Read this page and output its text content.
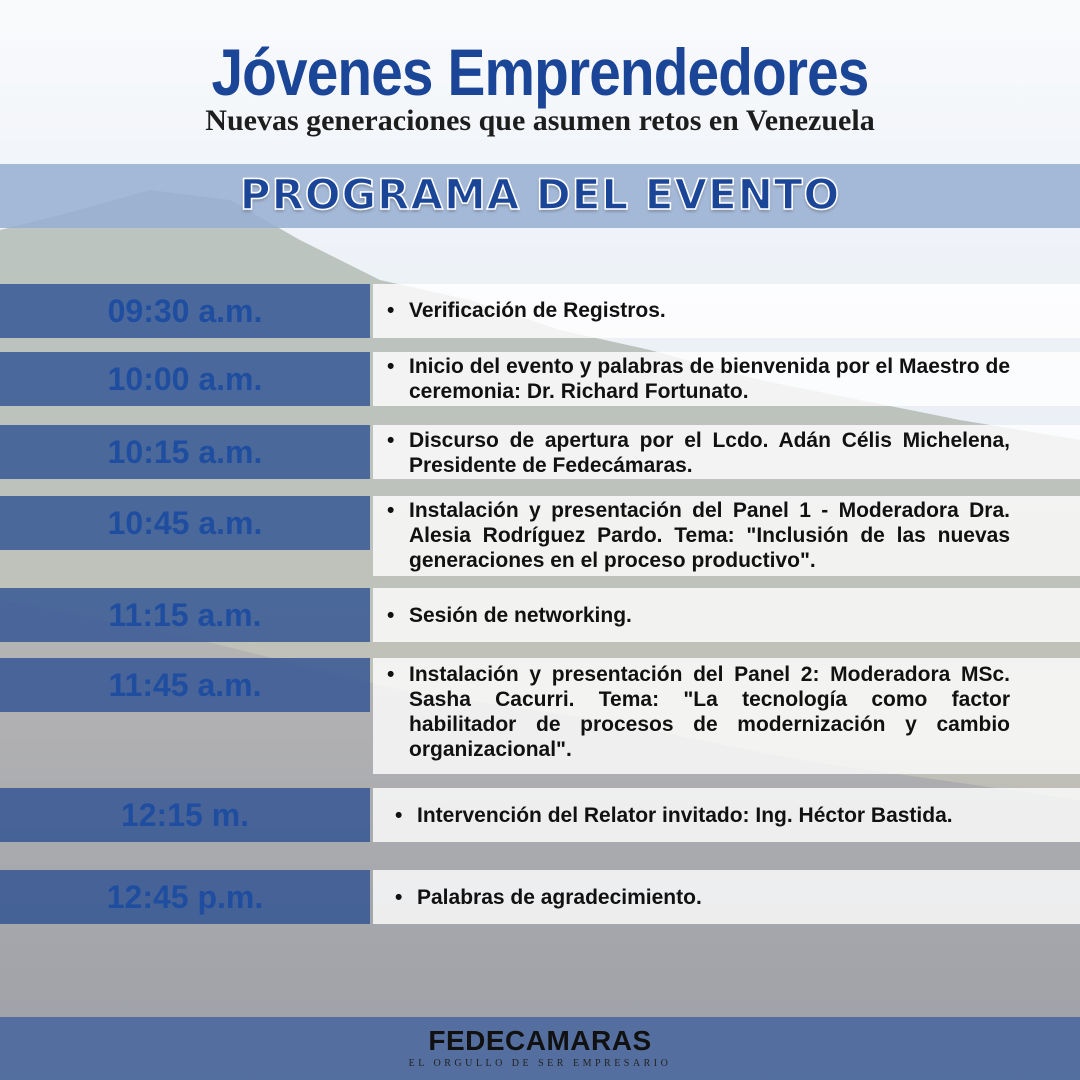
Jóvenes Emprendedores

Nuevas generaciones que asumen retos en Venezuela

PROGRAMA DEL EVENTO
09:30 a.m.	• Verificación de Registros.
10:00 a.m.	• Inicio del evento y palabras de bienvenida por el Maestro de ceremonia: Dr. Richard Fortunato.
10:15 a.m.	• Discurso de apertura por el Lcdo. Adán Célis Michelena, Presidente de Fedecámaras.
10:45 a.m.	• Instalación y presentación del Panel 1 - Moderadora Dra. Alesia Rodríguez Pardo. Tema: "Inclusión de las nuevas generaciones en el proceso productivo".
11:15 a.m.	• Sesión de networking.
11:45 a.m.	• Instalación y presentación del Panel 2: Moderadora MSc. Sasha Cacurri. Tema: "La tecnología como factor habilitador de procesos de modernización y cambio organizacional".
12:15 m.	• Intervención del Relator invitado: Ing. Héctor Bastida.
12:45 p.m.	• Palabras de agradecimiento.
FEDECAMARAS
EL ORGULLO DE SER EMPRESARIO
